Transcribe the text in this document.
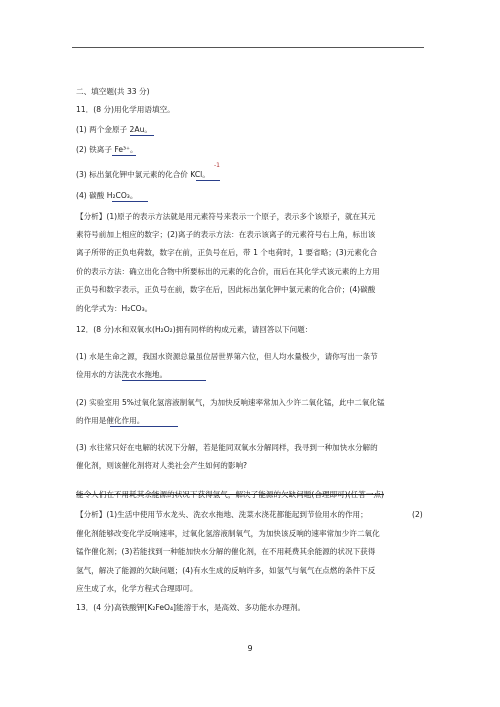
二、填空题(共 33 分)
11．(8 分)用化学用语填空。
(1) 两个金原子 2Au。
(2) 铁离子 Fe³⁺。
-1
(3) 标出氯化钾中氯元素的化合价 KCl。
(4) 碳酸 H₂CO₃。
【分析】(1)原子的表示方法就是用元素符号来表示一个原子，表示多个该原子，就在其元
素符号前加上相应的数字；(2)离子的表示方法：在表示该离子的元素符号右上角，标出该
离子所带的正负电荷数，数字在前，正负号在后，带 1 个电荷时，1 要省略；(3)元素化合
价的表示方法：确立出化合物中所要标出的元素的化合价，而后在其化学式该元素的上方用
正负号和数字表示，正负号在前，数字在后，因此标出氯化钾中氯元素的化合价；(4)碳酸
的化学式为：H₂CO₃。
12．(8 分)水和双氧水(H₂O₂)拥有同样的构成元素，请回答以下问题：
(1) 水是生命之源，我国水资源总量虽位居世界第六位，但人均水量极少，请你写出一条节
俭用水的方法洗衣水拖地。
(2) 实验室用 5%过氧化氢溶液制氧气，为加快反响速率常加入少许二氧化锰，此中二氧化锰
的作用是催化作用。
(3) 水往常只好在电解的状况下分解，若是能同双氧水分解同样，我寻到一种加快水分解的
催化剂，则该催化剂将对人类社会产生如何的影响?
能令人们在不用耗其余能源的状况下获得氢气，解决了能源的欠缺问题(合理即可)(任答一点)
【分析】(1)生活中使用节水龙头、洗衣水拖地、洗菜水浇花都能起到节俭用水的作用；	(2)
催化剂能够改变化学反响速率，过氧化氢溶液制氧气，为加快该反响的速率常加少许二氧化
锰作催化剂；(3)若能找到一种能加快水分解的催化剂，在不用耗费其余能源的状况下获得
氢气，解决了能源的欠缺问题；(4)有水生成的反响许多，如氢气与氧气在点燃的条件下反
应生成了水，化学方程式合理即可。
13．(4 分)高铁酸钾[K₂FeO₄]能溶于水，是高效、多功能水办理剂。
9
